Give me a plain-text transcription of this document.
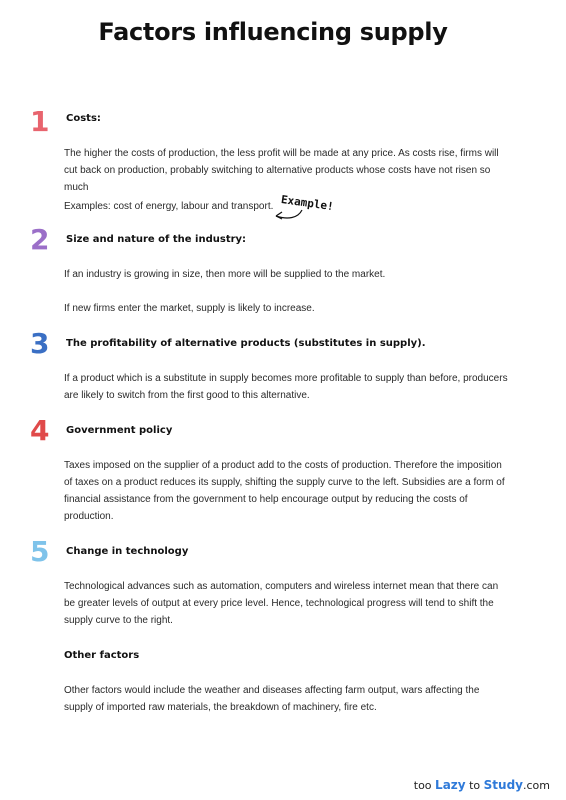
Factors influencing supply
1 Costs:
The higher the costs of production, the less profit will be made at any price. As costs rise, firms will cut back on production, probably switching to alternative products whose costs have not risen so much
Examples: cost of energy, labour and transport. Example!
2 Size and nature of the industry:
If an industry is growing in size, then more will be supplied to the market.
If new firms enter the market, supply is likely to increase.
3 The profitability of alternative products (substitutes in supply).
If a product which is a substitute in supply becomes more profitable to supply than before, producers are likely to switch from the first good to this alternative.
4 Government policy
Taxes imposed on the supplier of a product add to the costs of production. Therefore the imposition of taxes on a product reduces its supply, shifting the supply curve to the left. Subsidies are a form of financial assistance from the government to help encourage output by reducing the costs of production.
5 Change in technology
Technological advances such as automation, computers and wireless internet mean that there can be greater levels of output at every price level. Hence, technological progress will tend to shift the supply curve to the right.
Other factors
Other factors would include the weather and diseases affecting farm output, wars affecting the supply of imported raw materials, the breakdown of machinery, fire etc.
too Lazy to Study.com
